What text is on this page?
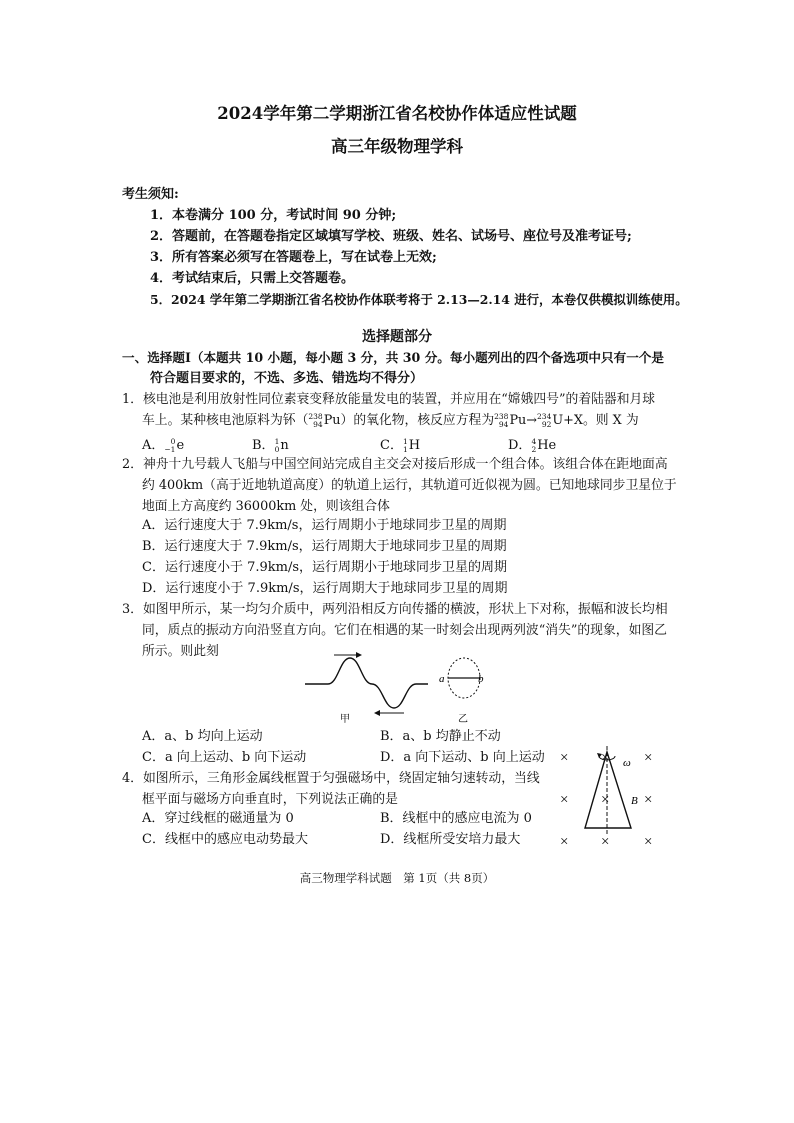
2024学年第二学期浙江省名校协作体适应性试题
高三年级物理学科
考生须知:
1．本卷满分 100 分，考试时间 90 分钟;
2．答题前，在答题卷指定区域填写学校、班级、姓名、试场号、座位号及准考证号;
3．所有答案必须写在答题卷上，写在试卷上无效;
4．考试结束后，只需上交答题卷。
5．2024 学年第二学期浙江省名校协作体联考将于 2.13—2.14 进行，本卷仅供模拟训练使用。
选择题部分
一、选择题Ⅰ（本题共 10 小题，每小题 3 分，共 30 分。每小题列出的四个备选项中只有一个是
符合题目要求的，不选、多选、错选均不得分）
1．核电池是利用放射性同位素衰变释放能量发电的装置，并应用在“嫦娥四号”的着陆器和月球
车上。某种核电池原料为钚（ 238
94 Pu）的氧化物，核反应方程为 238
94 Pu→ 234
92 U+X。则 X 为
A． 0
−1 e	B． 1
0 n	C． 1
1 H	D． 4
2 He
2．神舟十九号载人飞船与中国空间站完成自主交会对接后形成一个组合体。该组合体在距地面高
约 400km（高于近地轨道高度）的轨道上运行，其轨道可近似视为圆。已知地球同步卫星位于
地面上方高度约 36000km 处，则该组合体
A．运行速度大于 7.9km/s，运行周期小于地球同步卫星的周期
B．运行速度大于 7.9km/s，运行周期大于地球同步卫星的周期
C．运行速度小于 7.9km/s，运行周期小于地球同步卫星的周期
D．运行速度小于 7.9km/s，运行周期大于地球同步卫星的周期
3．如图甲所示，某一均匀介质中，两列沿相反方向传播的横波，形状上下对称，振幅和波长均相
同，质点的振动方向沿竖直方向。它们在相遇的某一时刻会出现两列波“消失”的现象，如图乙
所示。则此刻
a	b
甲	乙
A．a、b 均向上运动	B．a、b 均静止不动
C．a 向上运动、b 向下运动	D．a 向下运动、b 向上运动
4．如图所示，三角形金属线框置于匀强磁场中，绕固定轴匀速转动，当线
框平面与磁场方向垂直时，下列说法正确的是
A．穿过线框的磁通量为 0	B．线框中的感应电流为 0
C．线框中的感应电动势最大	D．线框所受安培力最大
× × ×
× × ×
× × ×
ω
B
高三物理学科试题　第 1页（共 8页）
